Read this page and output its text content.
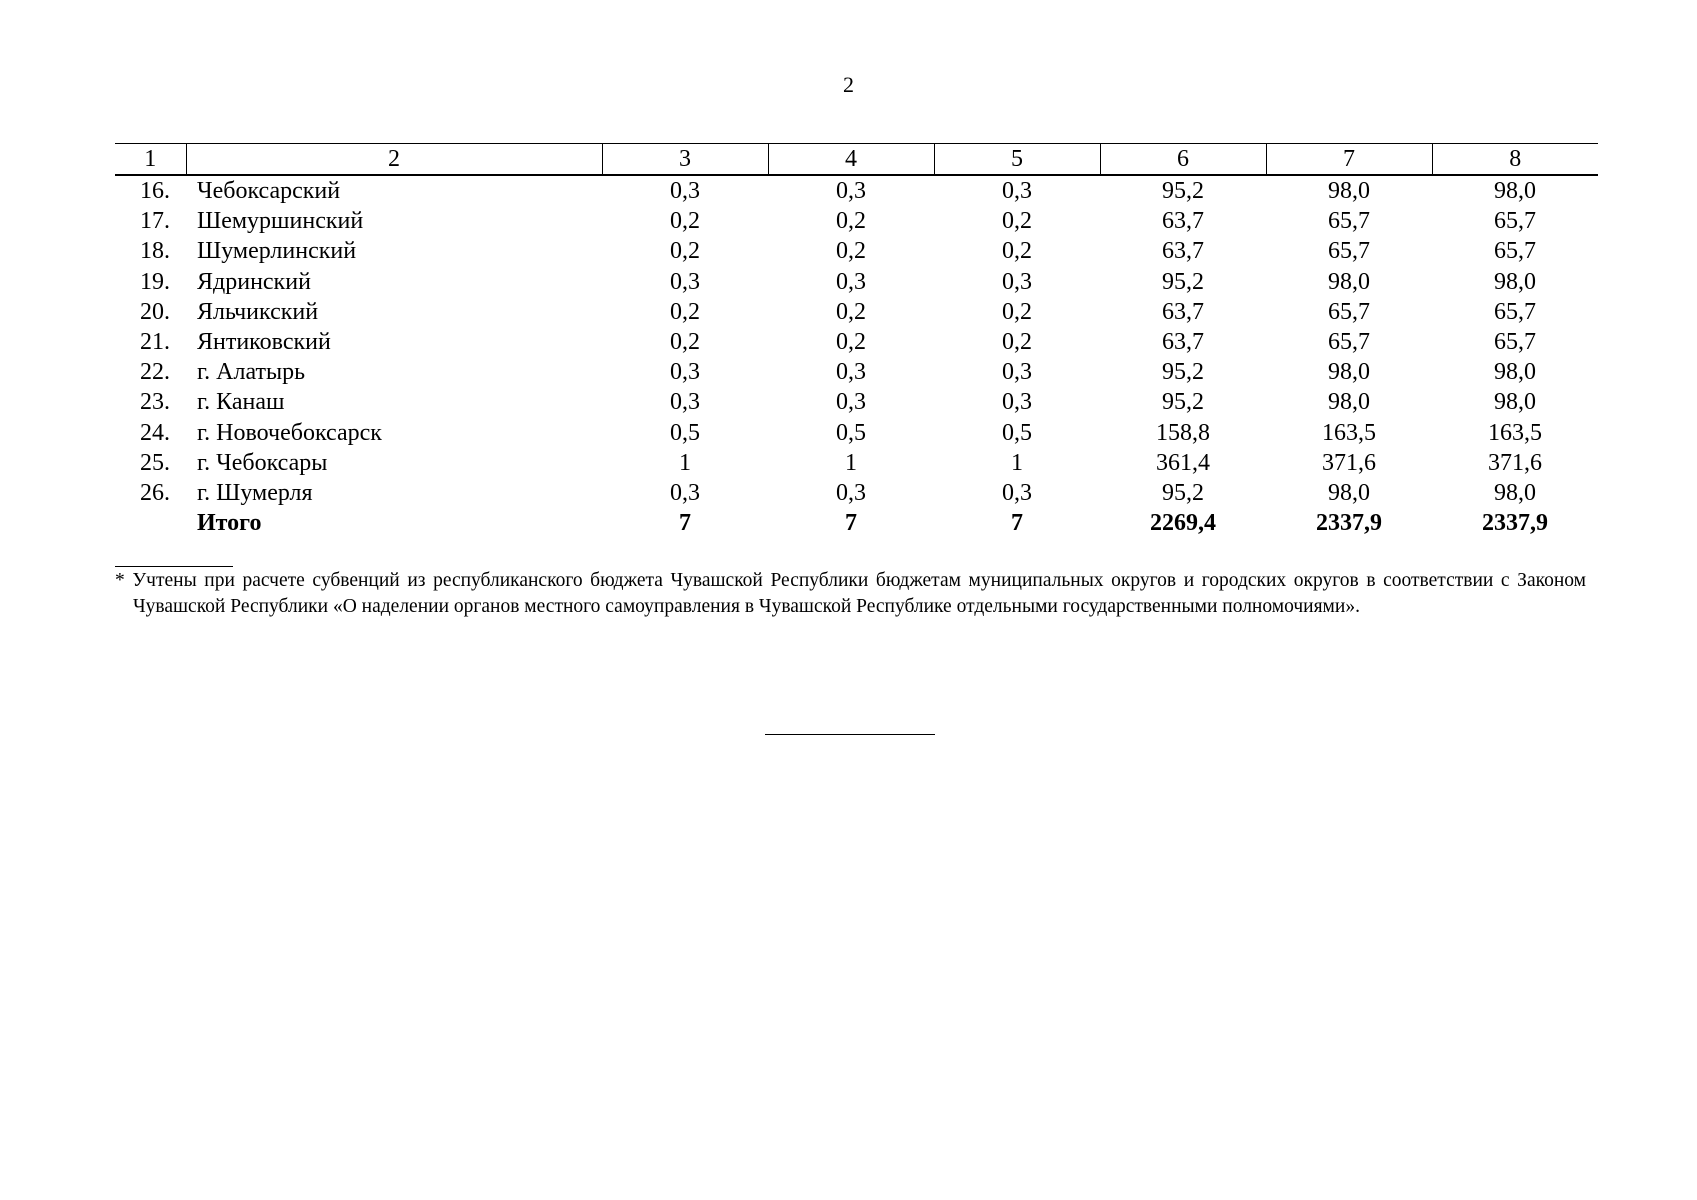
2
1	2	3	4	5	6	7	8
16.	Чебоксарский	0,3	0,3	0,3	95,2	98,0	98,0
17.	Шемуршинский	0,2	0,2	0,2	63,7	65,7	65,7
18.	Шумерлинский	0,2	0,2	0,2	63,7	65,7	65,7
19.	Ядринский	0,3	0,3	0,3	95,2	98,0	98,0
20.	Яльчикский	0,2	0,2	0,2	63,7	65,7	65,7
21.	Янтиковский	0,2	0,2	0,2	63,7	65,7	65,7
22.	г. Алатырь	0,3	0,3	0,3	95,2	98,0	98,0
23.	г. Канаш	0,3	0,3	0,3	95,2	98,0	98,0
24.	г. Новочебоксарск	0,5	0,5	0,5	158,8	163,5	163,5
25.	г. Чебоксары	1	1	1	361,4	371,6	371,6
26.	г. Шумерля	0,3	0,3	0,3	95,2	98,0	98,0
	Итого	7	7	7	2269,4	2337,9	2337,9
* Учтены при расчете субвенций из республиканского бюджета Чувашской Республики бюджетам муниципальных округов и городских округов в соответствии с Законом Чувашской Республики «О наделении органов местного самоуправления в Чувашской Республике отдельными государственными полномочиями».
